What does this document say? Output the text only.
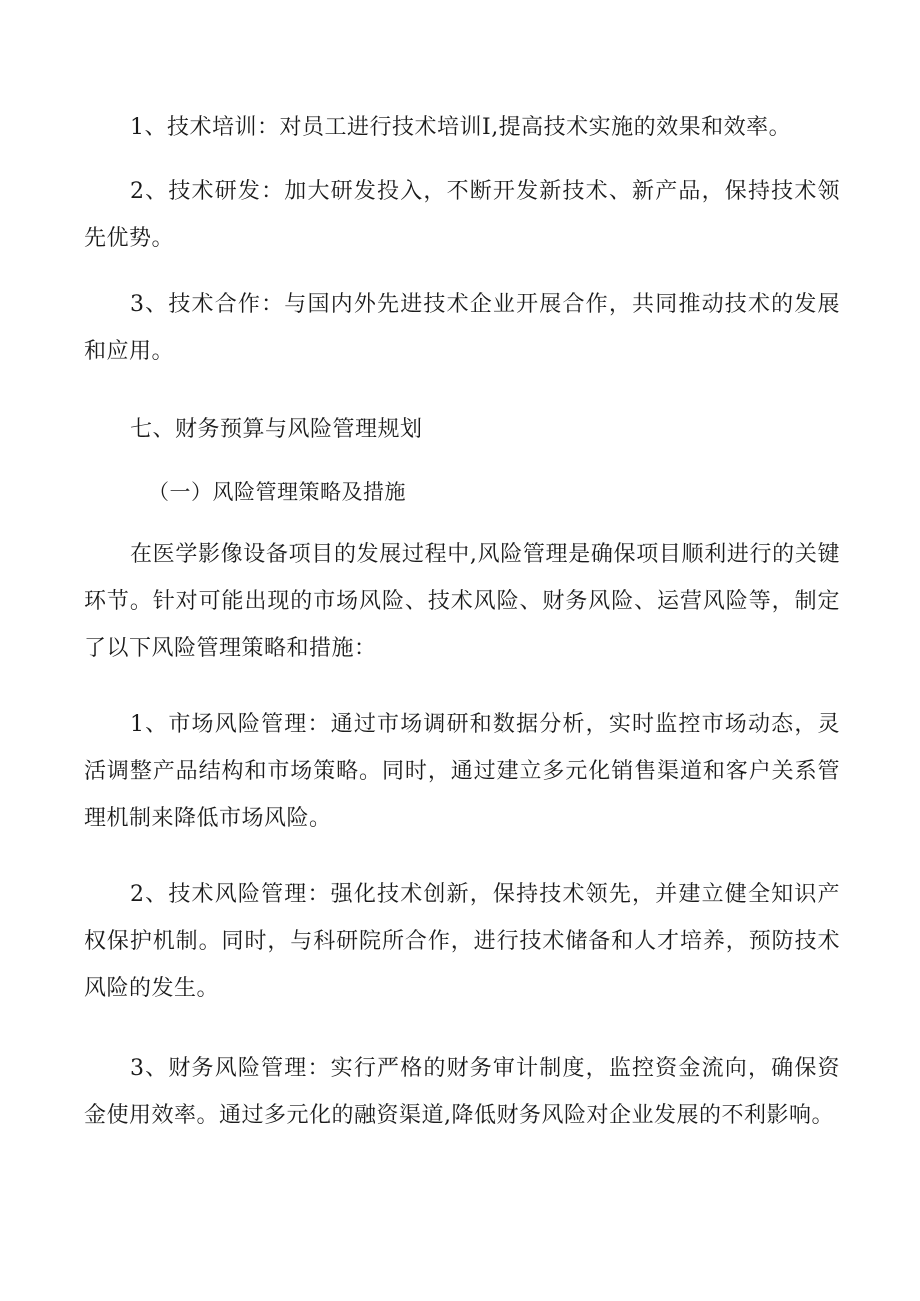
1、技术培训：对员工进行技术培训I,提高技术实施的效果和效率。

2、技术研发：加大研发投入，不断开发新技术、新产品，保持技术领先优势。

3、技术合作：与国内外先进技术企业开展合作，共同推动技术的发展和应用。

七、财务预算与风险管理规划
（一）风险管理策略及措施

在医学影像设备项目的发展过程中,风险管理是确保项目顺利进行的关键环节。针对可能出现的市场风险、技术风险、财务风险、运营风险等，制定了以下风险管理策略和措施：

1、市场风险管理：通过市场调研和数据分析，实时监控市场动态，灵活调整产品结构和市场策略。同时，通过建立多元化销售渠道和客户关系管理机制来降低市场风险。

2、技术风险管理：强化技术创新，保持技术领先，并建立健全知识产权保护机制。同时，与科研院所合作，进行技术储备和人才培养，预防技术风险的发生。

3、财务风险管理：实行严格的财务审计制度，监控资金流向，确保资金使用效率。通过多元化的融资渠道,降低财务风险对企业发展的不利影响。
